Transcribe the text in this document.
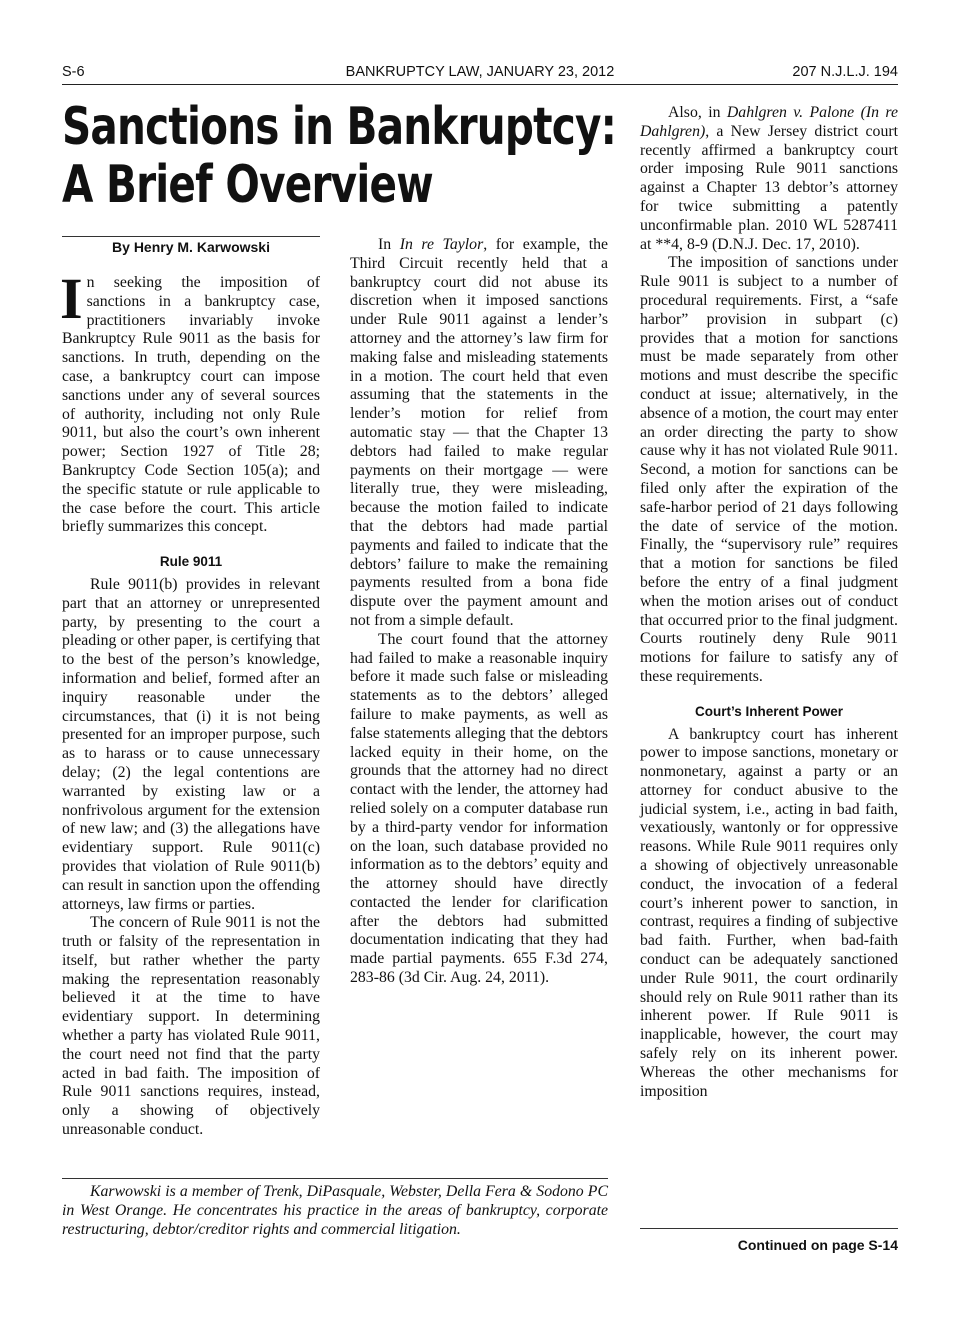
S-6	BANKRUPTCY LAW, JANUARY 23, 2012	207 N.J.L.J. 194
Sanctions in Bankruptcy:
A Brief Overview
By Henry M. Karwowski

In seeking the imposition of sanctions in a bankruptcy case, practitioners invariably invoke Bankruptcy Rule 9011 as the basis for sanctions. In truth, depending on the case, a bankruptcy court can impose sanctions under any of several sources of authority, including not only Rule 9011, but also the court’s own inherent power; Section 1927 of Title 28; Bankruptcy Code Section 105(a); and the specific statute or rule applicable to the case before the court. This article briefly summarizes this concept.

Rule 9011

Rule 9011(b) provides in relevant part that an attorney or unrepresented party, by presenting to the court a pleading or other paper, is certifying that to the best of the person’s knowledge, information and belief, formed after an inquiry reasonable under the circumstances, that (i) it is not being presented for an improper purpose, such as to harass or to cause unnecessary delay; (2) the legal contentions are warranted by existing law or a nonfrivolous argument for the extension of new law; and (3) the allegations have evidentiary support. Rule 9011(c) provides that violation of Rule 9011(b) can result in sanction upon the offending attorneys, law firms or parties.

The concern of Rule 9011 is not the truth or falsity of the representation in itself, but rather whether the party making the representation reasonably believed it at the time to have evidentiary support. In determining whether a party has violated Rule 9011, the court need not find that the party acted in bad faith. The imposition of Rule 9011 sanctions requires, instead, only a showing of objectively unreasonable conduct.

In In re Taylor, for example, the Third Circuit recently held that a bankruptcy court did not abuse its discretion when it imposed sanctions under Rule 9011 against a lender’s attorney and the attorney’s law firm for making false and misleading statements in a motion. The court held that even assuming that the statements in the lender’s motion for relief from automatic stay — that the Chapter 13 debtors had failed to make regular payments on their mortgage — were literally true, they were misleading, because the motion failed to indicate that the debtors had made partial payments and failed to indicate that the debtors’ failure to make the remaining payments resulted from a bona fide dispute over the payment amount and not from a simple default.

The court found that the attorney had failed to make a reasonable inquiry before it made such false or misleading statements as to the debtors’ alleged failure to make payments, as well as false statements alleging that the debtors lacked equity in their home, on the grounds that the attorney had no direct contact with the lender, the attorney had relied solely on a computer database run by a third-party vendor for information on the loan, such database provided no information as to the debtors’ equity and the attorney should have directly contacted the lender for clarification after the debtors had submitted documentation indicating that they had made partial payments. 655 F.3d 274, 283-86 (3d Cir. Aug. 24, 2011).

Also, in Dahlgren v. Palone (In re Dahlgren), a New Jersey district court recently affirmed a bankruptcy court order imposing Rule 9011 sanctions against a Chapter 13 debtor’s attorney for twice submitting a patently unconfirmable plan. 2010 WL 5287411 at **4, 8-9 (D.N.J. Dec. 17, 2010).

The imposition of sanctions under Rule 9011 is subject to a number of procedural requirements. First, a “safe harbor” provision in subpart (c) provides that a motion for sanctions must be made separately from other motions and must describe the specific conduct at issue; alternatively, in the absence of a motion, the court may enter an order directing the party to show cause why it has not violated Rule 9011. Second, a motion for sanctions can be filed only after the expiration of the safe-harbor period of 21 days following the date of service of the motion. Finally, the “supervisory rule” requires that a motion for sanctions be filed before the entry of a final judgment when the motion arises out of conduct that occurred prior to the final judgment. Courts routinely deny Rule 9011 motions for failure to satisfy any of these requirements.

Court’s Inherent Power

A bankruptcy court has inherent power to impose sanctions, monetary or nonmonetary, against a party or an attorney for conduct abusive to the judicial system, i.e., acting in bad faith, vexatiously, wantonly or for oppressive reasons. While Rule 9011 requires only a showing of objectively unreasonable conduct, the invocation of a federal court’s inherent power to sanction, in contrast, requires a finding of subjective bad faith. Further, when bad-faith conduct can be adequately sanctioned under Rule 9011, the court ordinarily should rely on Rule 9011 rather than its inherent power. If Rule 9011 is inapplicable, however, the court may safely rely on its inherent power. Whereas the other mechanisms for imposition

Karwowski is a member of Trenk, DiPasquale, Webster, Della Fera & Sodono PC in West Orange. He concentrates his practice in the areas of bankruptcy, corporate restructuring, debtor/creditor rights and commercial litigation.
Continued on page S-14
